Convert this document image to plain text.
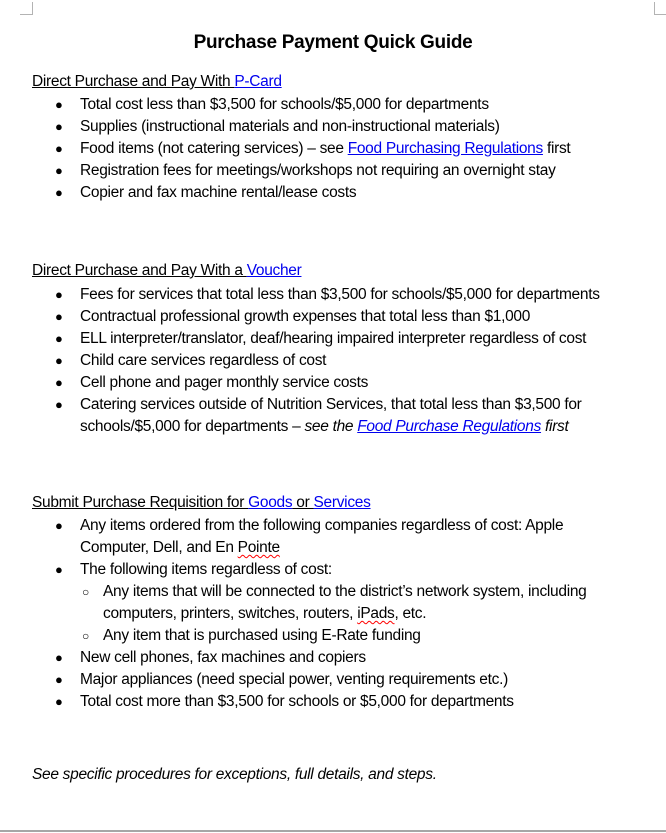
Purchase Payment Quick Guide
Direct Purchase and Pay With P-Card
● Total cost less than $3,500 for schools/$5,000 for departments
● Supplies (instructional materials and non-instructional materials)
● Food items (not catering services) – see Food Purchasing Regulations first
● Registration fees for meetings/workshops not requiring an overnight stay
● Copier and fax machine rental/lease costs
Direct Purchase and Pay With a Voucher
● Fees for services that total less than $3,500 for schools/$5,000 for departments
● Contractual professional growth expenses that total less than $1,000
● ELL interpreter/translator, deaf/hearing impaired interpreter regardless of cost
● Child care services regardless of cost
● Cell phone and pager monthly service costs
● Catering services outside of Nutrition Services, that total less than $3,500 for
schools/$5,000 for departments – see the Food Purchase Regulations first
Submit Purchase Requisition for Goods or Services
● Any items ordered from the following companies regardless of cost: Apple
Computer, Dell, and En Pointe
● The following items regardless of cost:
○ Any items that will be connected to the district’s network system, including
computers, printers, switches, routers, iPads, etc.
○ Any item that is purchased using E-Rate funding
● New cell phones, fax machines and copiers
● Major appliances (need special power, venting requirements etc.)
● Total cost more than $3,500 for schools or $5,000 for departments
See specific procedures for exceptions, full details, and steps.
